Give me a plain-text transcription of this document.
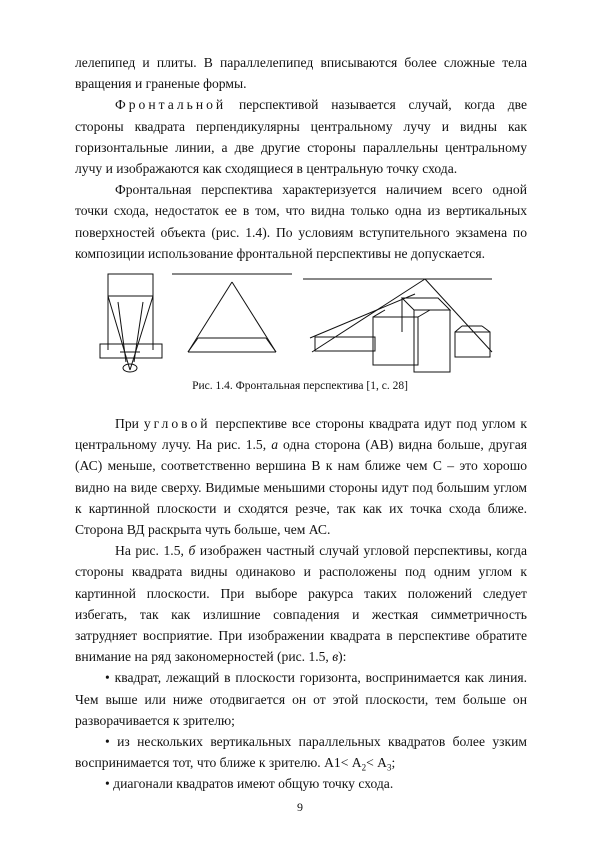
лелепипед и плиты. В параллелепипед вписываются более сложные тела вращения и граненые формы.

Фронтальной перспективой называется случай, когда две стороны квадрата перпендикулярны центральному лучу и видны как горизонтальные линии, а две другие стороны параллельны центральному лучу и изображаются как сходящиеся в центральную точку схода.

Фронтальная перспектива характеризуется наличием всего одной точки схода, недостаток ее в том, что видна только одна из вертикальных поверхностей объекта (рис. 1.4). По условиям вступительного экзамена по композиции использование фронтальной перспективы не допускается.

Рис. 1.4. Фронтальная перспектива [1, с. 28]

При угловой перспективе все стороны квадрата идут под углом к центральному лучу. На рис. 1.5, а одна сторона (АВ) видна больше, другая (АС) меньше, соответственно вершина В к нам ближе чем С – это хорошо видно на виде сверху. Видимые меньшими стороны идут под большим углом к картинной плоскости и сходятся резче, так как их точка схода ближе. Сторона ВД раскрыта чуть больше, чем АС.

На рис. 1.5, б изображен частный случай угловой перспективы, когда стороны квадрата видны одинаково и расположены под одним углом к картинной плоскости. При выборе ракурса таких положений следует избегать, так как излишние совпадения и жесткая симметричность затрудняет восприятие. При изображении квадрата в перспективе обратите внимание на ряд закономерностей (рис. 1.5, в):

• квадрат, лежащий в плоскости горизонта, воспринимается как линия. Чем выше или ниже отодвигается он от этой плоскости, тем больше он разворачивается к зрителю;

• из нескольких вертикальных параллельных квадратов более узким воспринимается тот, что ближе к зрителю. $А1< А_2< А_3$;

• диагонали квадратов имеют общую точку схода.

9
